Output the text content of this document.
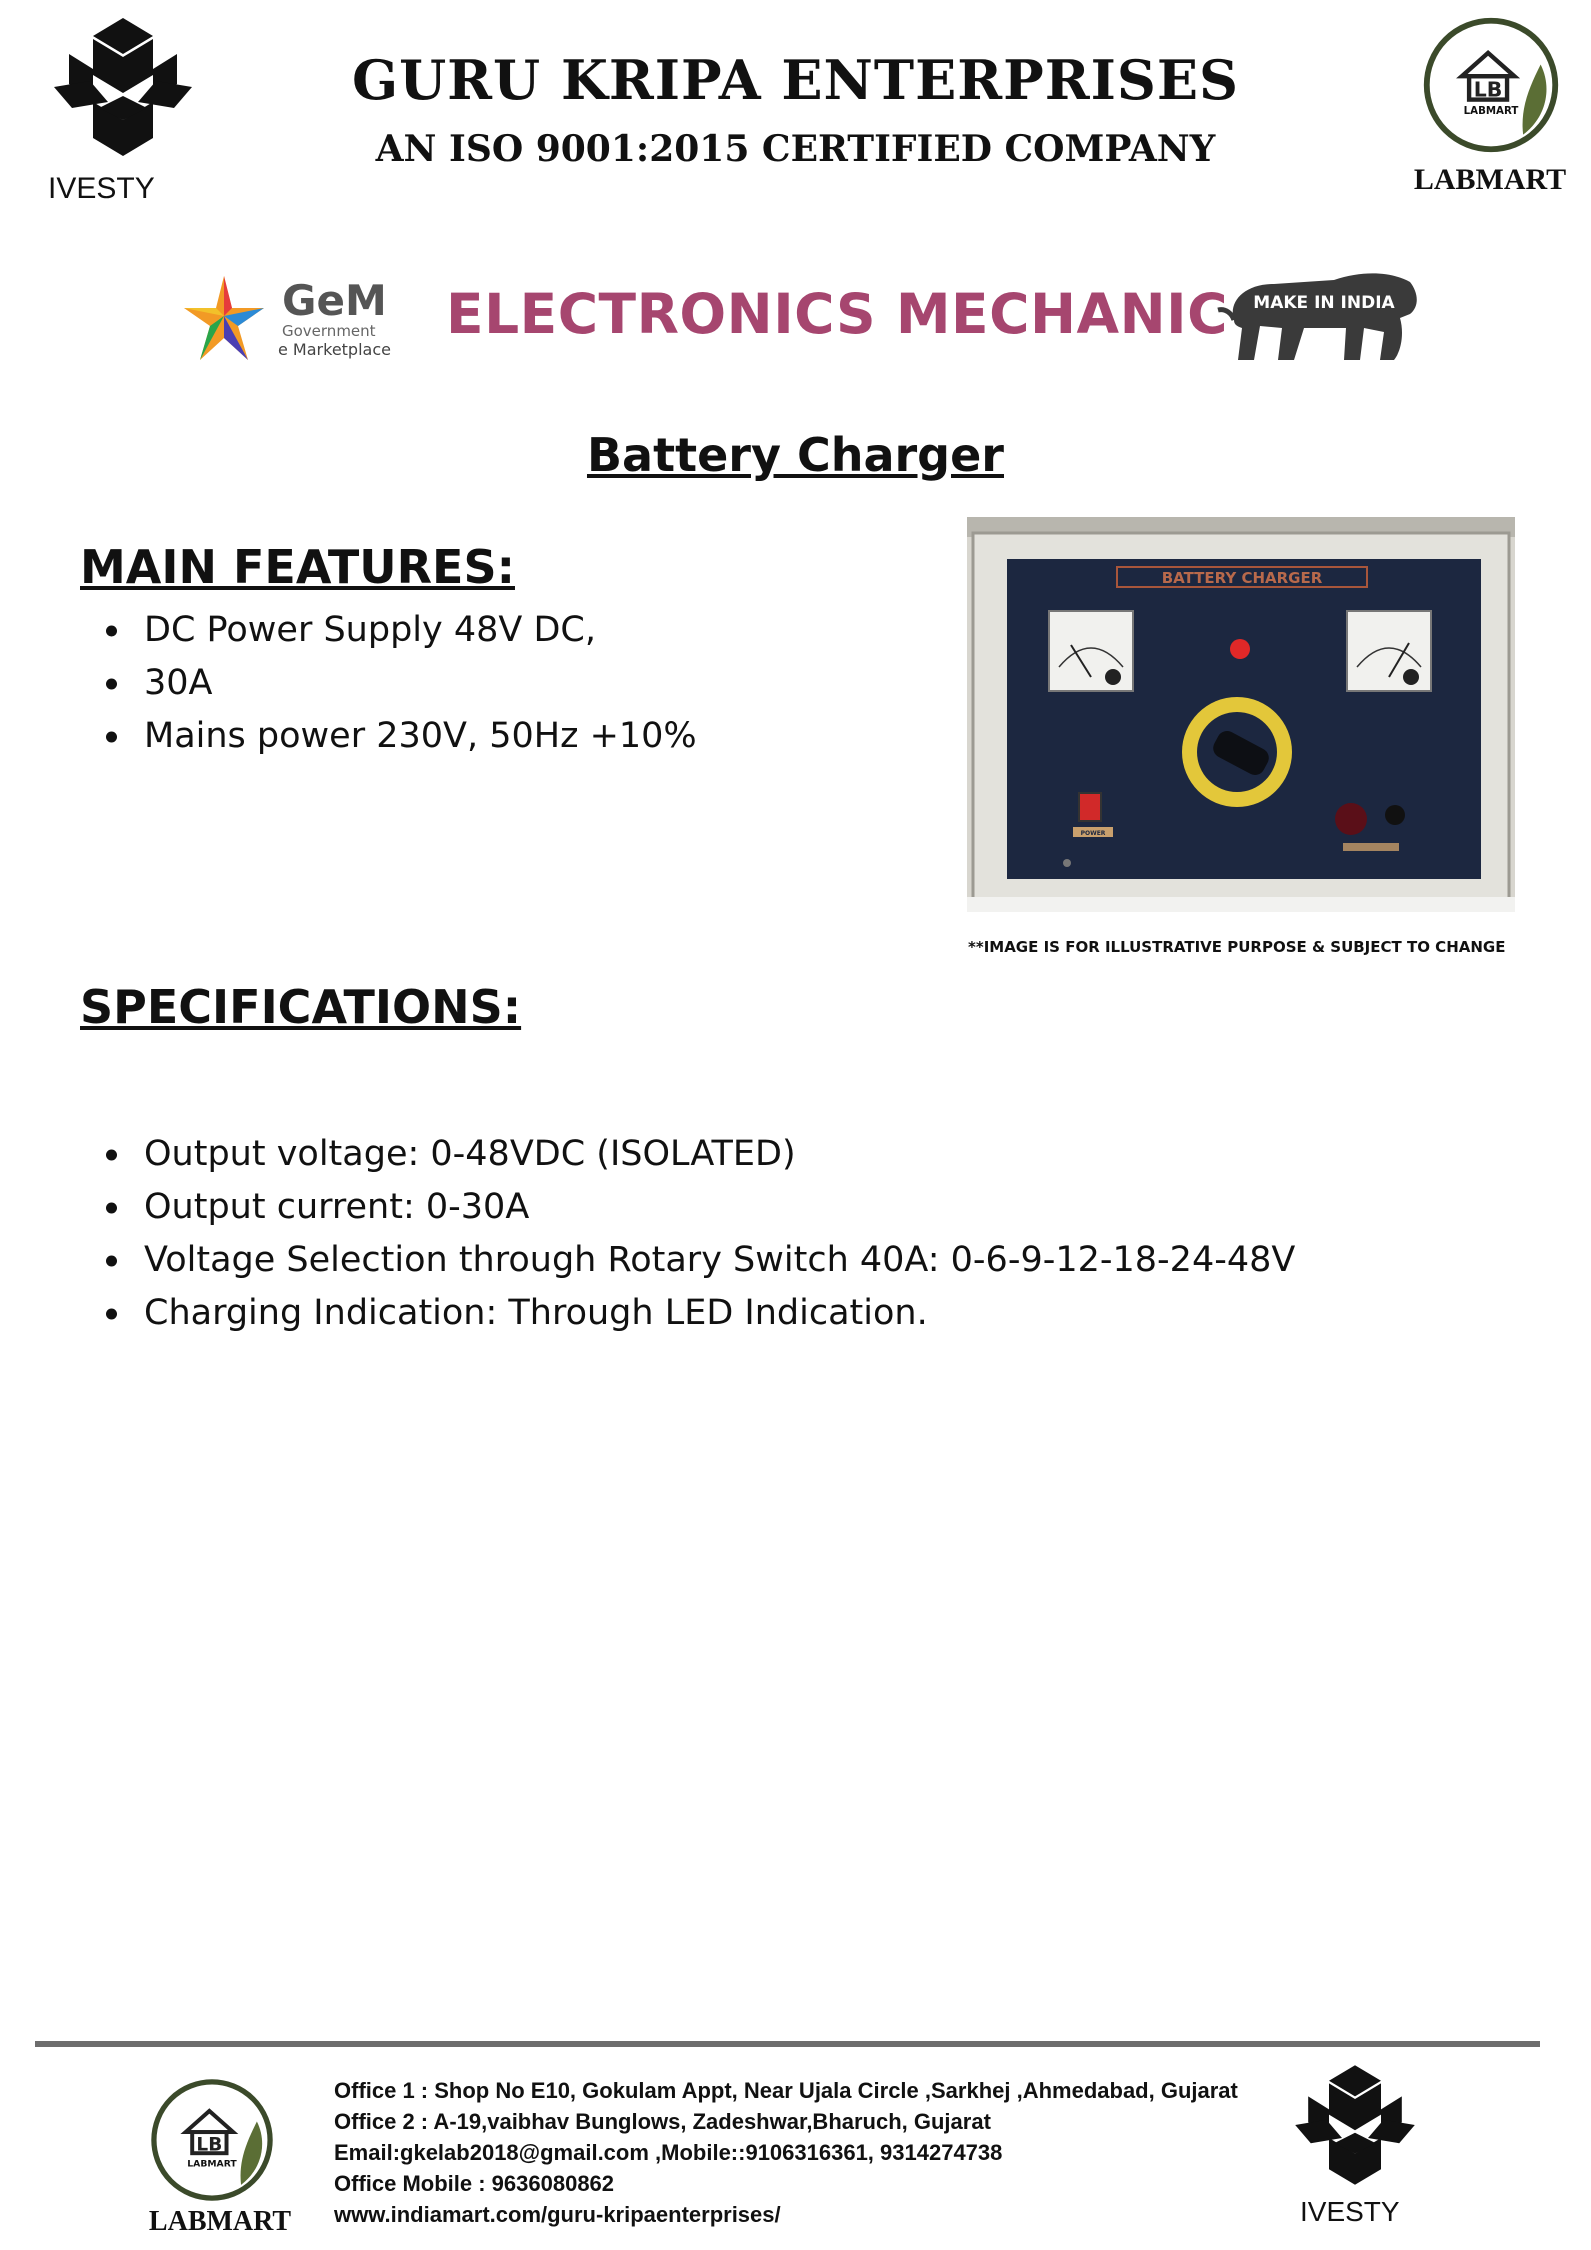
IVESTY
GURU KRIPA ENTERPRISES
AN ISO 9001:2015 CERTIFIED COMPANY
LB
LABMART
LABMART
GeM
Government
e Marketplace
ELECTRONICS MECHANIC MAKE IN INDIA
Battery Charger
MAIN FEATURES:
DC Power Supply 48V DC,
30A
Mains power 230V, 50Hz +10%
BATTERY CHARGER
POWER
**IMAGE IS FOR ILLUSTRATIVE PURPOSE & SUBJECT TO CHANGE
SPECIFICATIONS:
Output voltage: 0-48VDC (ISOLATED)
Output current: 0-30A
Voltage Selection through Rotary Switch 40A: 0-6-9-12-18-24-48V
Charging Indication: Through LED Indication.
LB
LABMART
LABMART
Office 1 : Shop No E10, Gokulam Appt, Near Ujala Circle ,Sarkhej ,Ahmedabad, Gujarat
Office 2 : A-19,vaibhav Bunglows, Zadeshwar,Bharuch, Gujarat
Email:gkelab2018@gmail.com ,Mobile::9106316361, 9314274738
Office Mobile : 9636080862
www.indiamart.com/guru-kripaenterprises/	IVESTY
